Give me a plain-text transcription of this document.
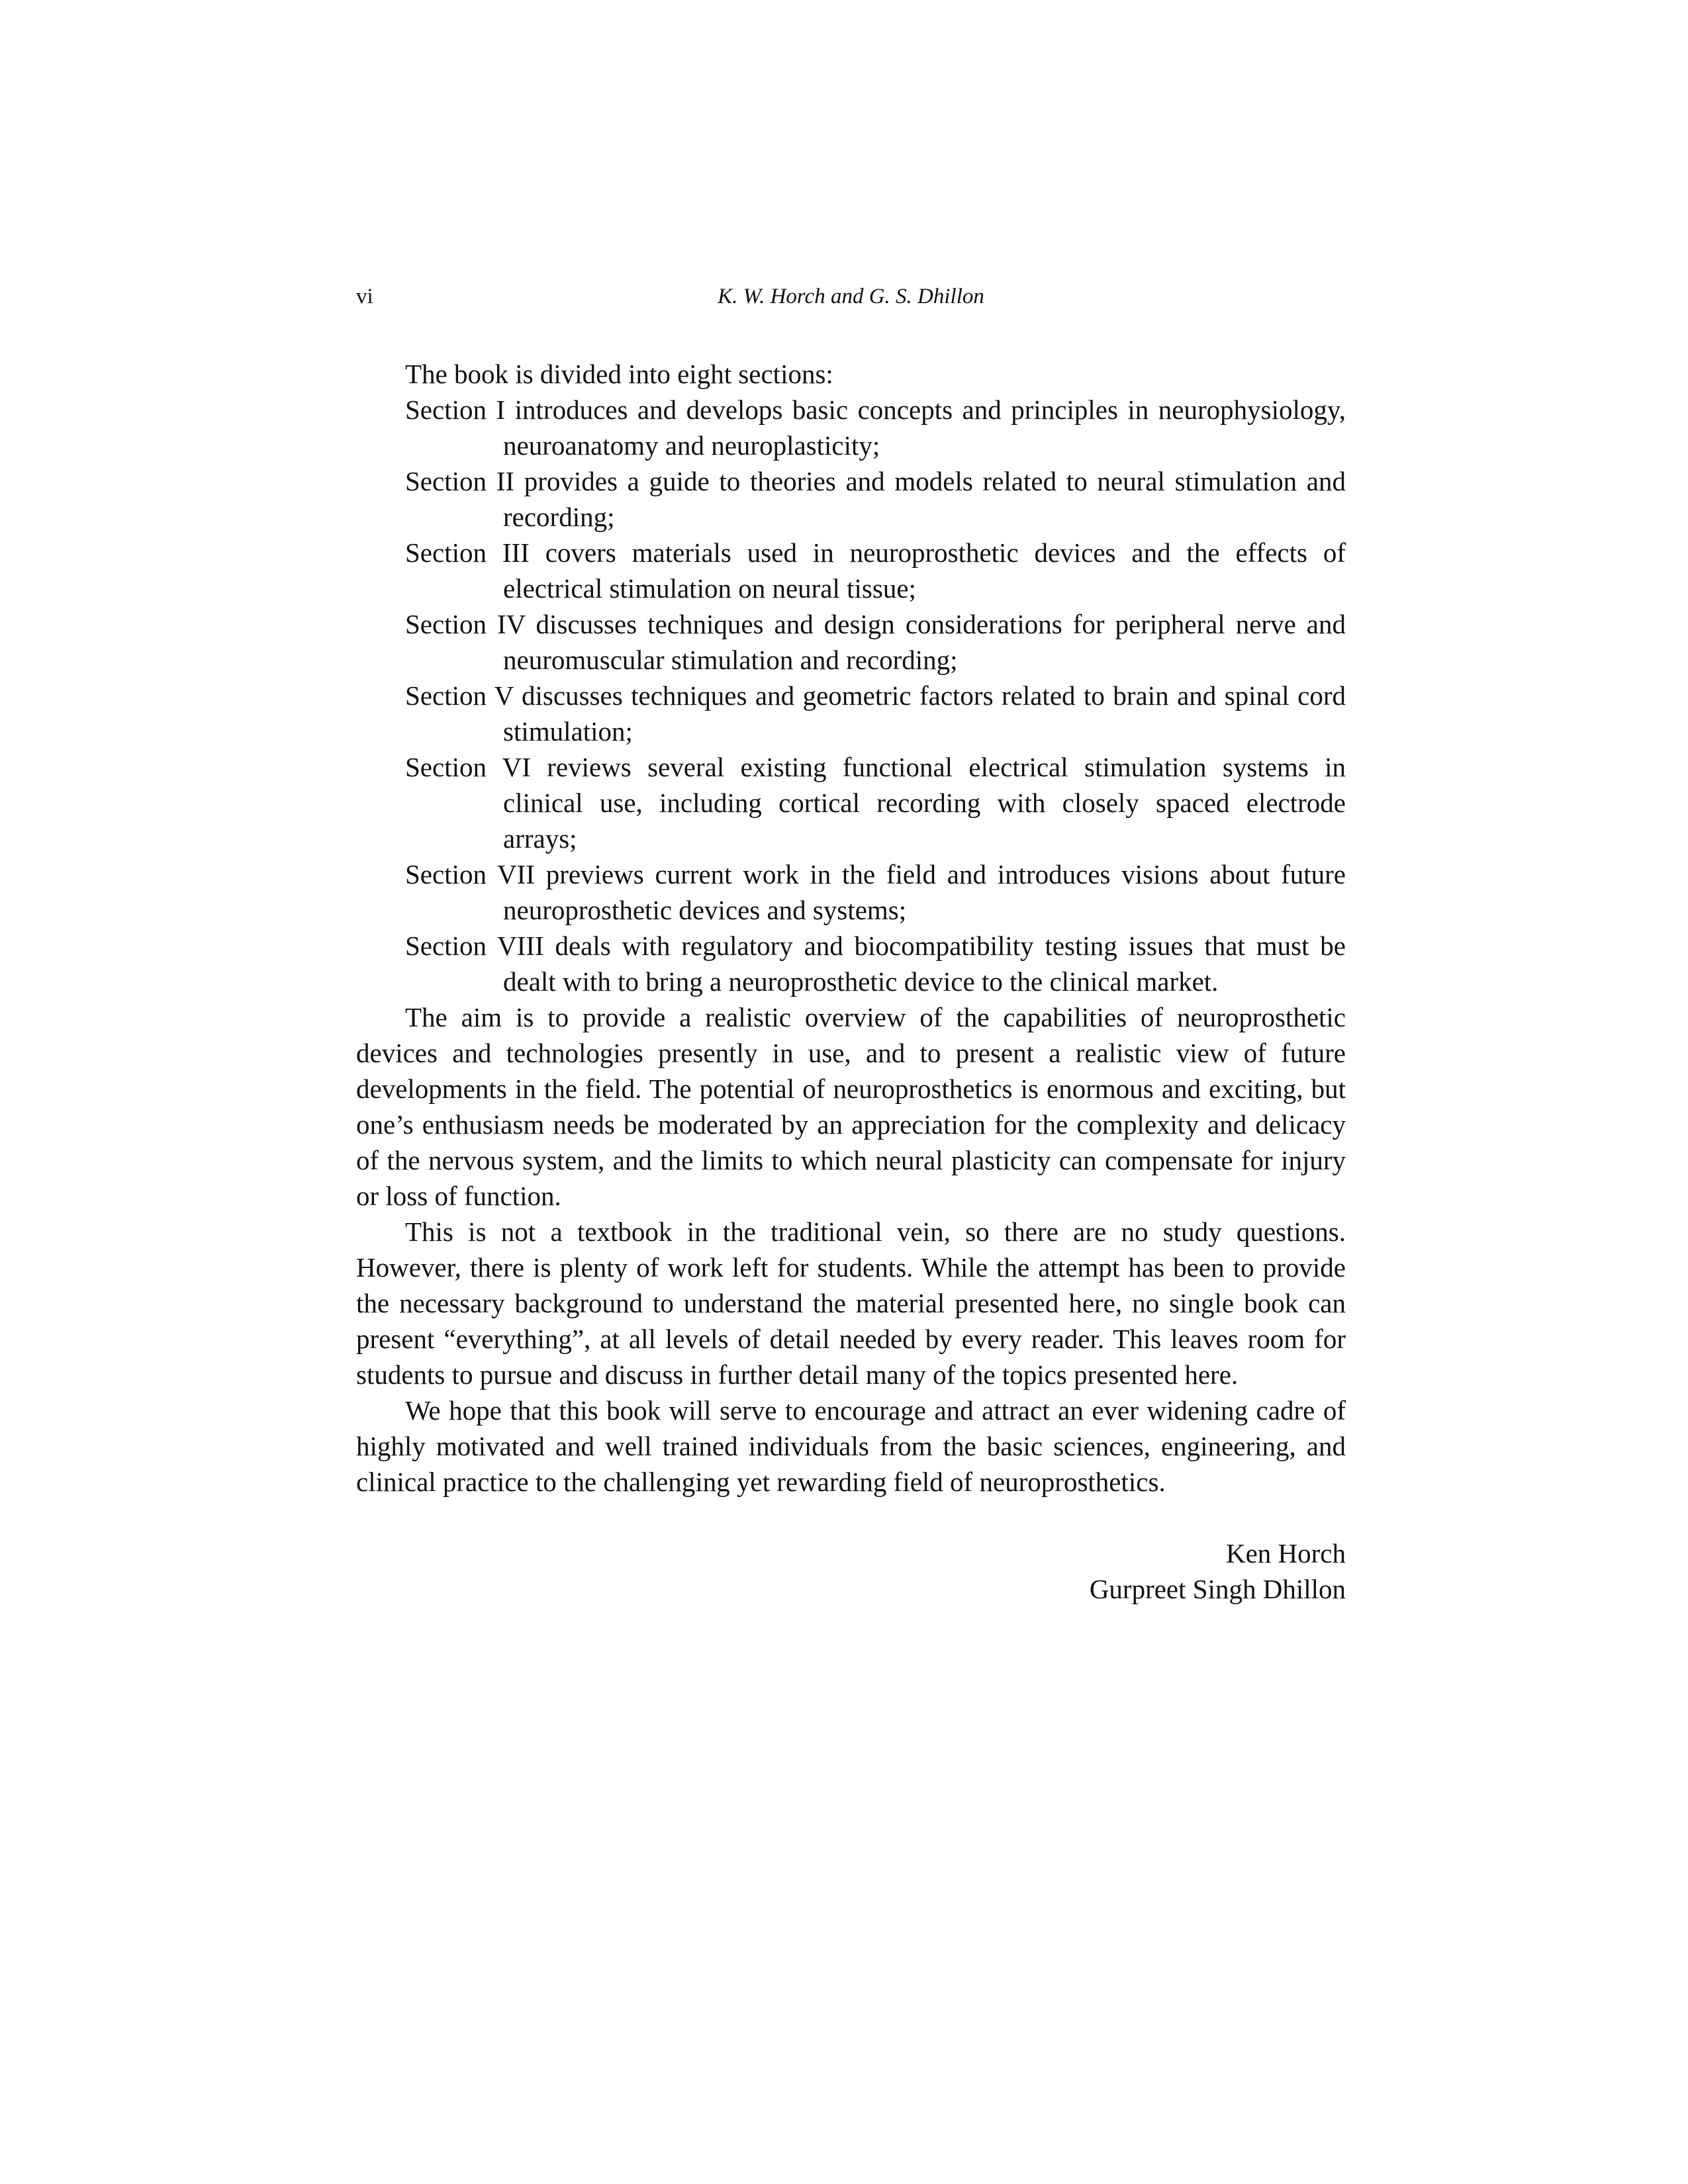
vi	K. W. Horch and G. S. Dhillon

The book is divided into eight sections:

Section I introduces and develops basic concepts and principles in neurophysiology, neuroanatomy and neuroplasticity;
Section II provides a guide to theories and models related to neural stimulation and recording;
Section III covers materials used in neuroprosthetic devices and the effects of electrical stimulation on neural tissue;
Section IV discusses techniques and design considerations for peripheral nerve and neuromuscular stimulation and recording;
Section V discusses techniques and geometric factors related to brain and spinal cord stimulation;
Section VI reviews several existing functional electrical stimulation systems in clinical use, including cortical recording with closely spaced electrode arrays;
Section VII previews current work in the field and introduces visions about future neuroprosthetic devices and systems;
Section VIII deals with regulatory and biocompatibility testing issues that must be dealt with to bring a neuroprosthetic device to the clinical market.

The aim is to provide a realistic overview of the capabilities of neuroprosthetic devices and technologies presently in use, and to present a realistic view of future developments in the field. The potential of neuroprosthetics is enormous and exciting, but one’s enthusiasm needs be moderated by an appreciation for the complexity and delicacy of the nervous system, and the limits to which neural plasticity can compensate for injury or loss of function.

This is not a textbook in the traditional vein, so there are no study questions. However, there is plenty of work left for students. While the attempt has been to provide the necessary background to understand the material presented here, no single book can present “everything”, at all levels of detail needed by every reader. This leaves room for students to pursue and discuss in further detail many of the topics presented here.

We hope that this book will serve to encourage and attract an ever widening cadre of highly motivated and well trained individuals from the basic sciences, engineering, and clinical practice to the challenging yet rewarding field of neuroprosthetics.

Ken Horch
Gurpreet Singh Dhillon
